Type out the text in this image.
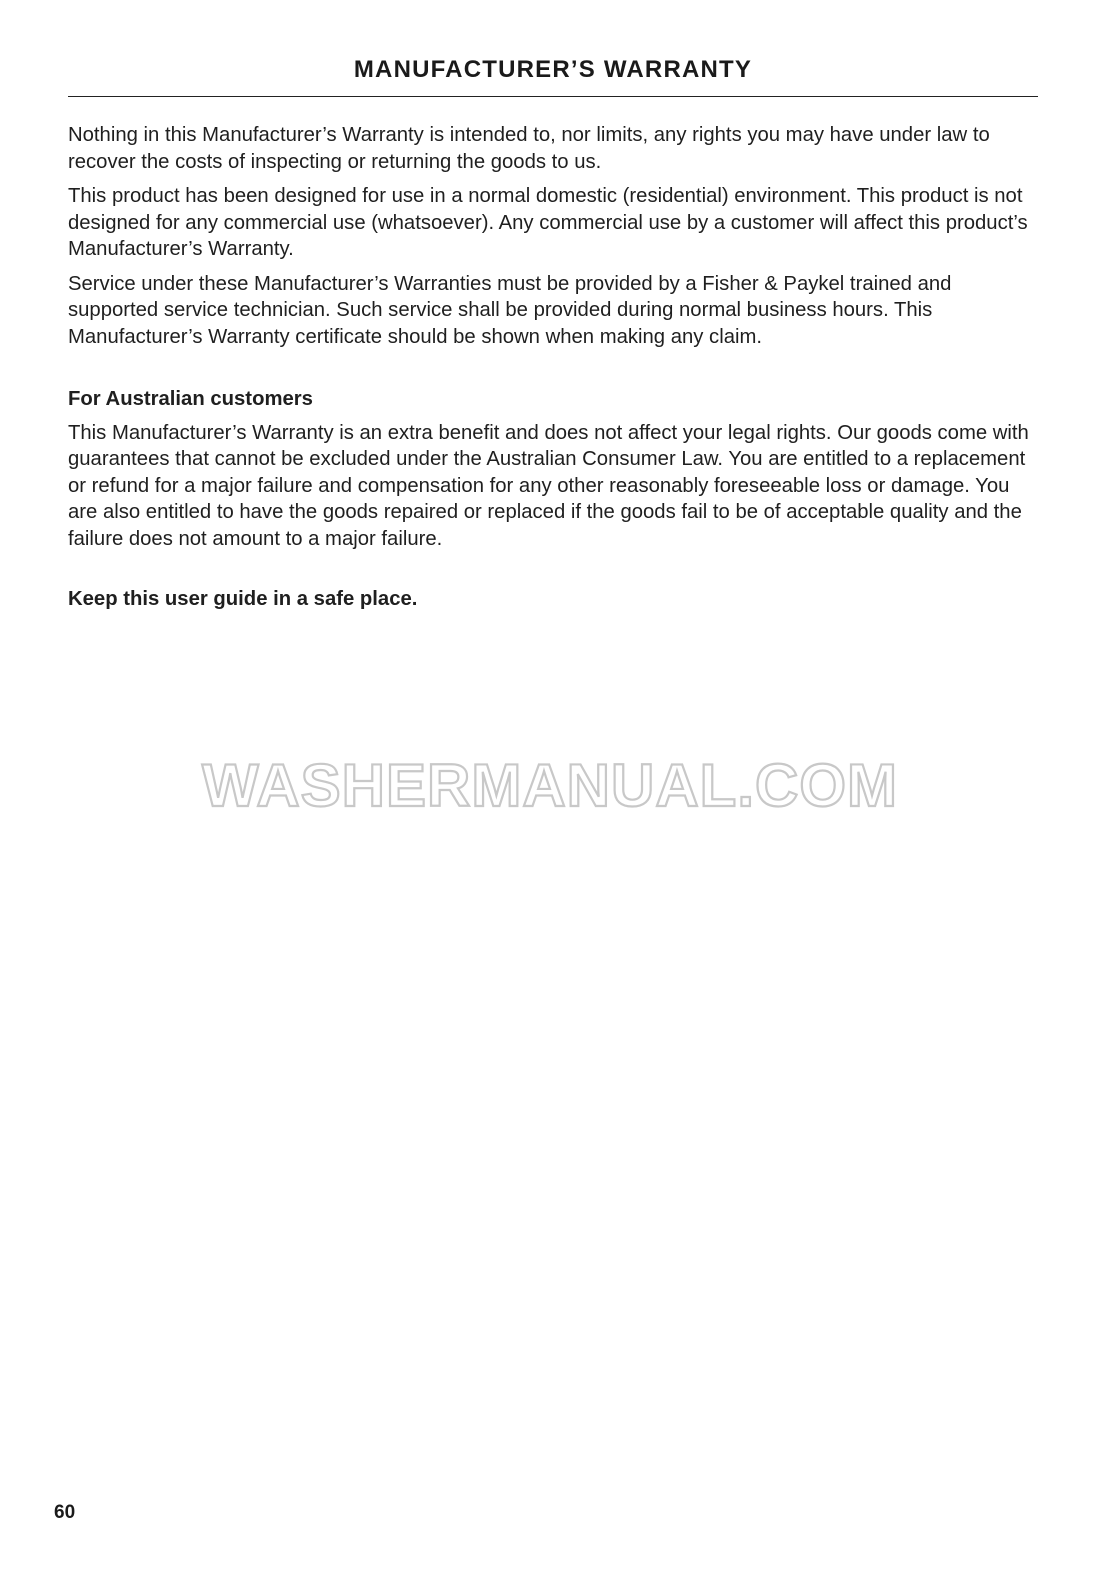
MANUFACTURER’S WARRANTY

Nothing in this Manufacturer’s Warranty is intended to, nor limits, any rights you may have under law to recover the costs of inspecting or returning the goods to us.

This product has been designed for use in a normal domestic (residential) environment. This product is not designed for any commercial use (whatsoever). Any commercial use by a customer will affect this product’s Manufacturer’s Warranty.

Service under these Manufacturer’s Warranties must be provided by a Fisher & Paykel trained and supported service technician. Such service shall be provided during normal business hours. This Manufacturer’s Warranty certificate should be shown when making any claim.

For Australian customers

This Manufacturer’s Warranty is an extra benefit and does not affect your legal rights. Our goods come with guarantees that cannot be excluded under the Australian Consumer Law. You are entitled to a replacement or refund for a major failure and compensation for any other reasonably foreseeable loss or damage. You are also entitled to have the goods repaired or replaced if the goods fail to be of acceptable quality and the failure does not amount to a major failure.

Keep this user guide in a safe place.
WASHERMANUAL.COM
60
